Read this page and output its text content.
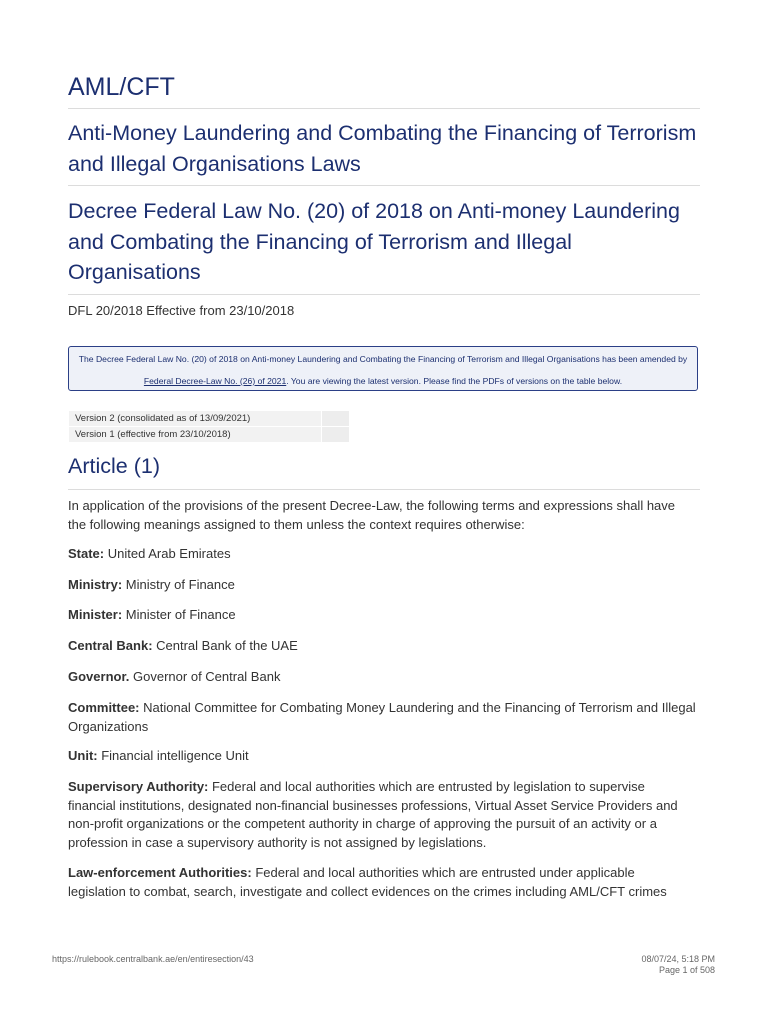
AML/CFT
Anti-Money Laundering and Combating the Financing of Terrorism and Illegal Organisations Laws
Decree Federal Law No. (20) of 2018 on Anti-money Laundering and Combating the Financing of Terrorism and Illegal Organisations
DFL 20/2018 Effective from 23/10/2018
The Decree Federal Law No. (20) of 2018 on Anti-money Laundering and Combating the Financing of Terrorism and Illegal Organisations has been amended by Federal Decree-Law No. (26) of 2021. You are viewing the latest version. Please find the PDFs of versions on the table below.
Version 2 (consolidated as of 13/09/2021)	
Version 1 (effective from 23/10/2018)	
Article (1)

In application of the provisions of the present Decree-Law, the following terms and expressions shall have the following meanings assigned to them unless the context requires otherwise:

State: United Arab Emirates

Ministry: Ministry of Finance

Minister: Minister of Finance

Central Bank: Central Bank of the UAE

Governor. Governor of Central Bank

Committee: National Committee for Combating Money Laundering and the Financing of Terrorism and Illegal Organizations

Unit: Financial intelligence Unit

Supervisory Authority: Federal and local authorities which are entrusted by legislation to supervise financial institutions, designated non-financial businesses professions, Virtual Asset Service Providers and non-profit organizations or the competent authority in charge of approving the pursuit of an activity or a profession in case a supervisory authority is not assigned by legislations.

Law-enforcement Authorities: Federal and local authorities which are entrusted under applicable legislation to combat, search, investigate and collect evidences on the crimes including AML/CFT crimes

https://rulebook.centralbank.ae/en/entiresection/43	08/07/24, 5:18 PM
Page 1 of 508
